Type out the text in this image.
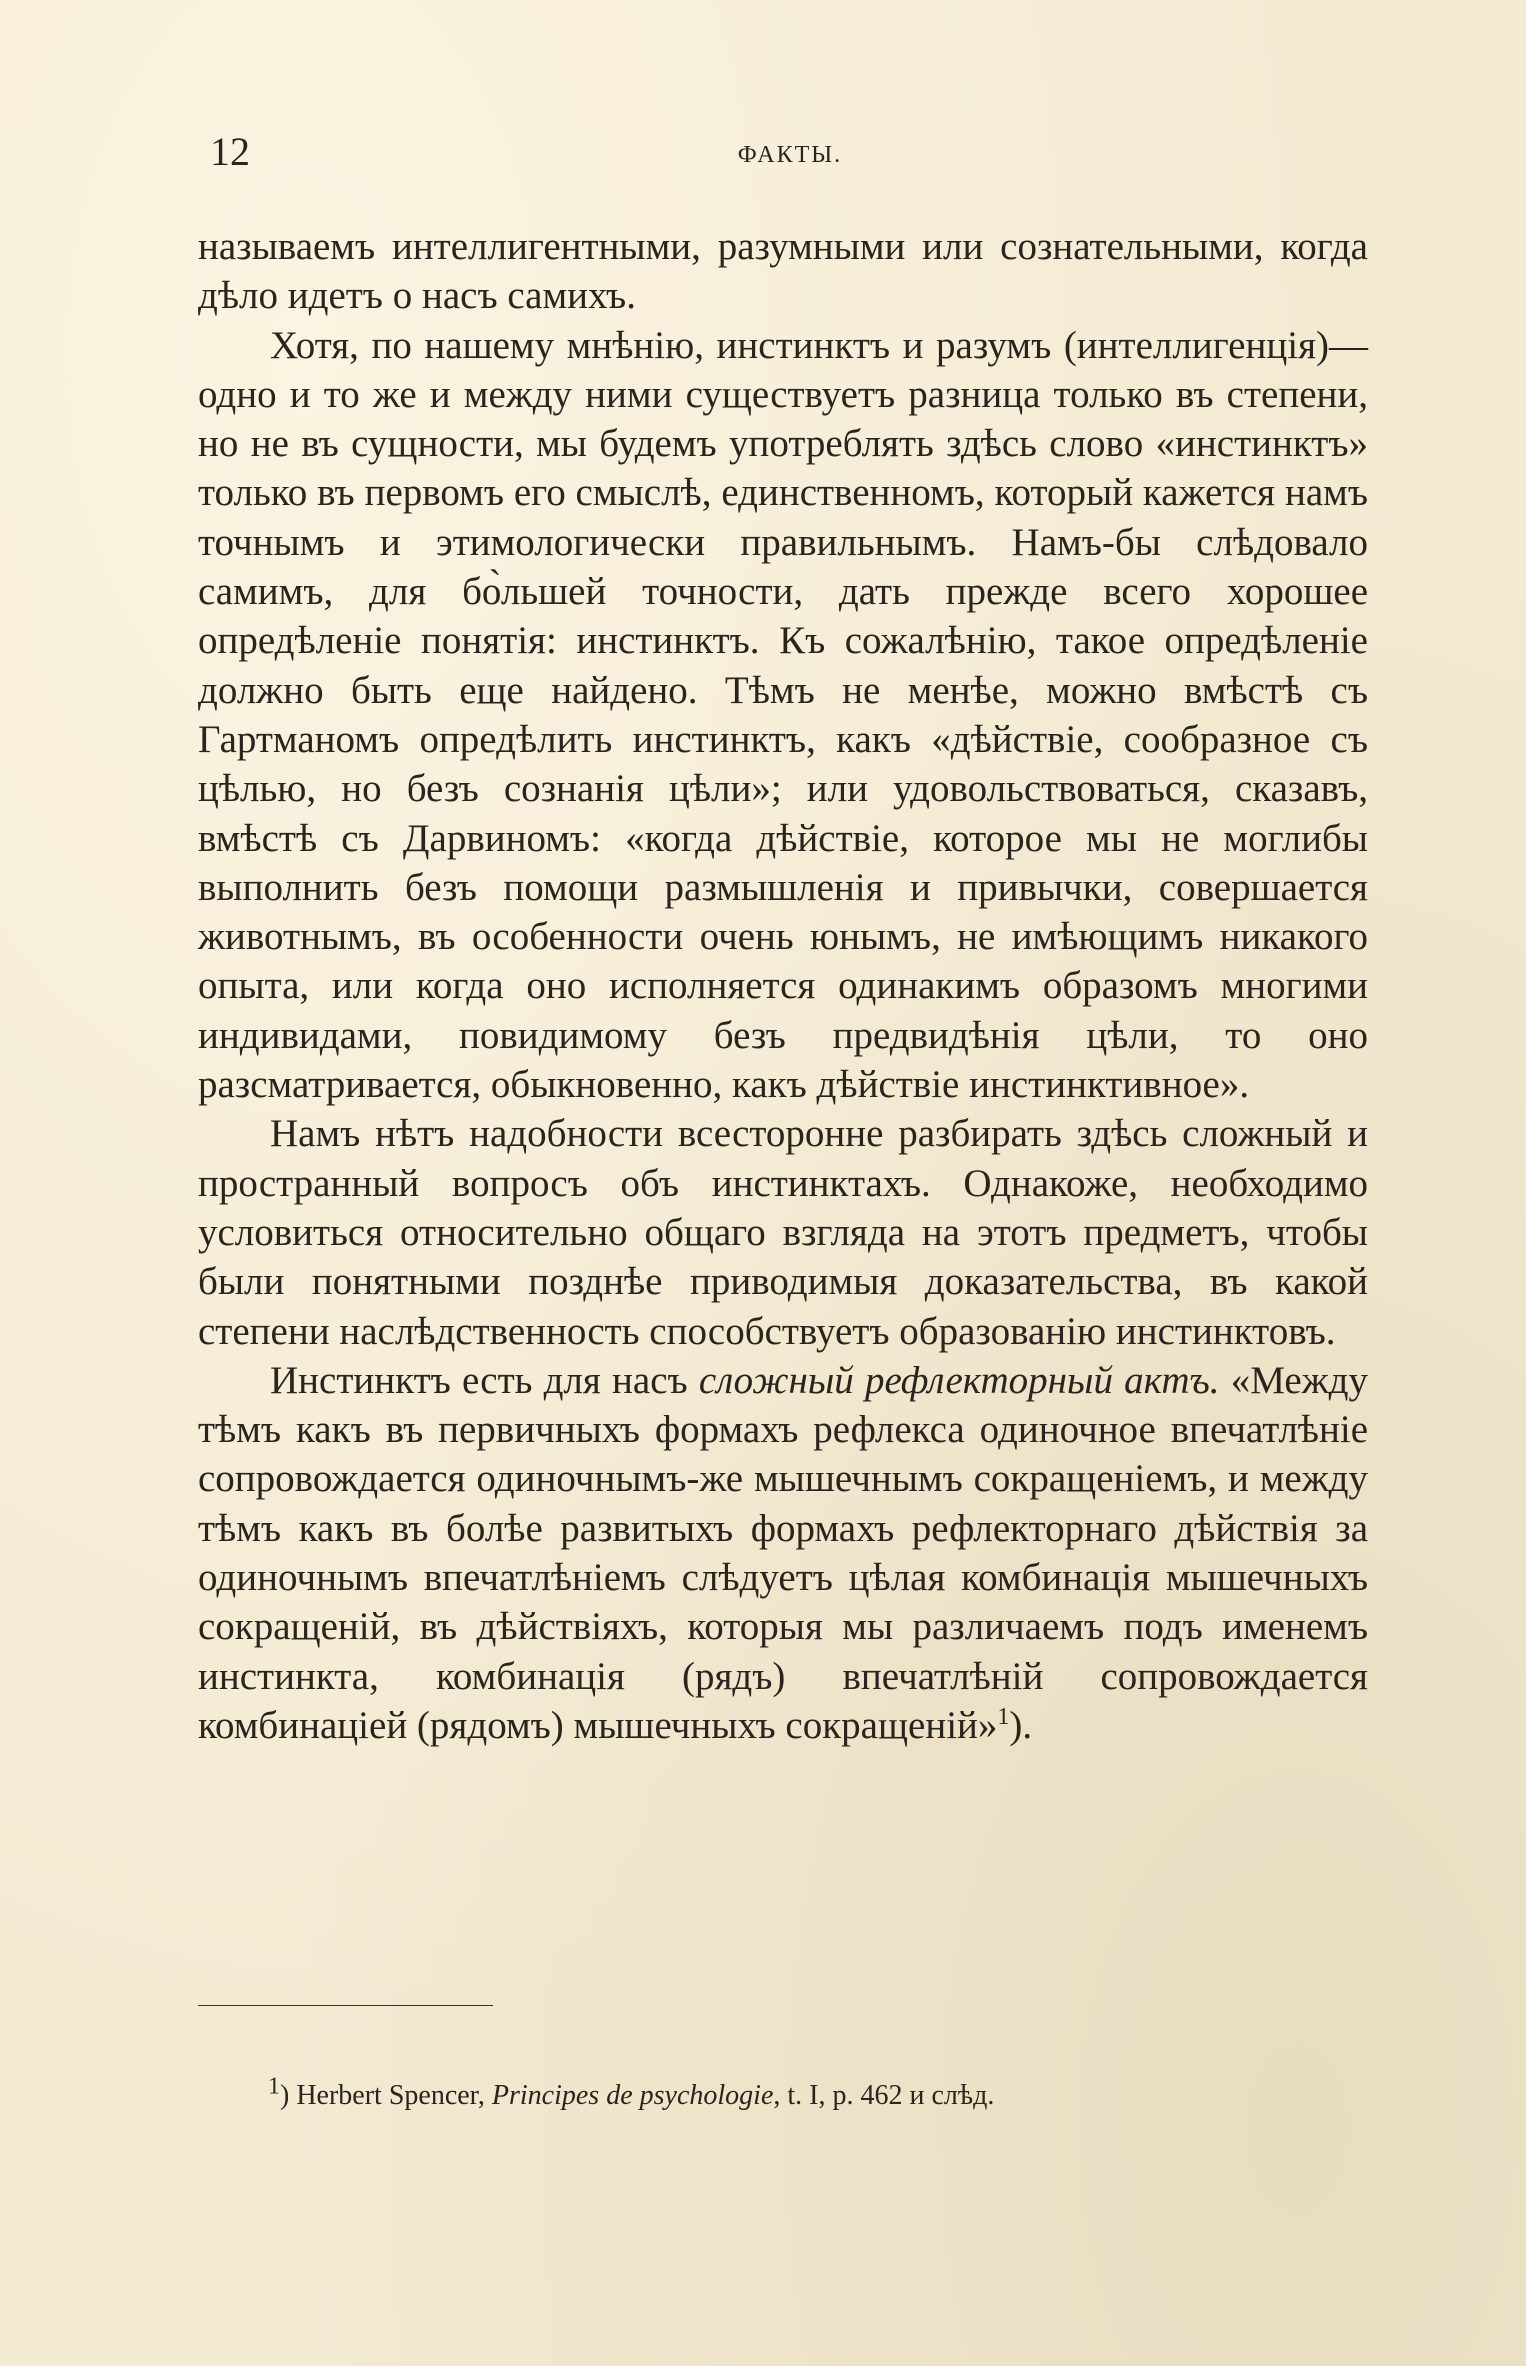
12	ФАКТЫ.

называемъ интеллигентными, разумными или сознательными, когда дѣло идетъ о насъ самихъ.

Хотя, по нашему мнѣнію, инстинктъ и разумъ (интеллигенція)—одно и то же и между ними существуетъ разница только въ степени, но не въ сущности, мы будемъ употреблять здѣсь слово «инстинктъ» только въ первомъ его смыслѣ, единственномъ, который кажется намъ точнымъ и этимологически правильнымъ. Намъ-бы слѣдовало самимъ, для бо̀льшей точности, дать прежде всего хорошее опредѣленіе понятія: инстинктъ. Къ сожалѣнію, такое опредѣленіе должно быть еще найдено. Тѣмъ не менѣе, можно вмѣстѣ съ Гартманомъ опредѣлить инстинктъ, какъ «дѣйствіе, сообразное съ цѣлью, но безъ сознанія цѣли»; или удовольствоваться, сказавъ, вмѣстѣ съ Дарвиномъ: «когда дѣйствіе, которое мы не моглибы выполнить безъ помощи размышленія и привычки, совершается животнымъ, въ особенности очень юнымъ, не имѣющимъ никакого опыта, или когда оно исполняется одинакимъ образомъ многими индивидами, повидимому безъ предвидѣнія цѣли, то оно разсматривается, обыкновенно, какъ дѣйствіе инстинктивное».

Намъ нѣтъ надобности всесторонне разбирать здѣсь сложный и пространный вопросъ объ инстинктахъ. Однакоже, необходимо условиться относительно общаго взгляда на этотъ предметъ, чтобы были понятными позднѣе приводимыя доказательства, въ какой степени наслѣдственность способствуетъ образованію инстинктовъ.

Инстинктъ есть для насъ сложный рефлекторный актъ. «Между тѣмъ какъ въ первичныхъ формахъ рефлекса одиночное впечатлѣніе сопровождается одиночнымъ-же мышечнымъ сокращеніемъ, и между тѣмъ какъ въ болѣе развитыхъ формахъ рефлекторнаго дѣйствія за одиночнымъ впечатлѣніемъ слѣдуетъ цѣлая комбинація мышечныхъ сокращеній, въ дѣйствіяхъ, которыя мы различаемъ подъ именемъ инстинкта, комбинація (рядъ) впечатлѣній сопровождается комбинаціей (рядомъ) мышечныхъ сокращеній»$^1$).

$^1$) Herbert Spencer, Principes de psychologie, t. I, p. 462 и слѣд.
